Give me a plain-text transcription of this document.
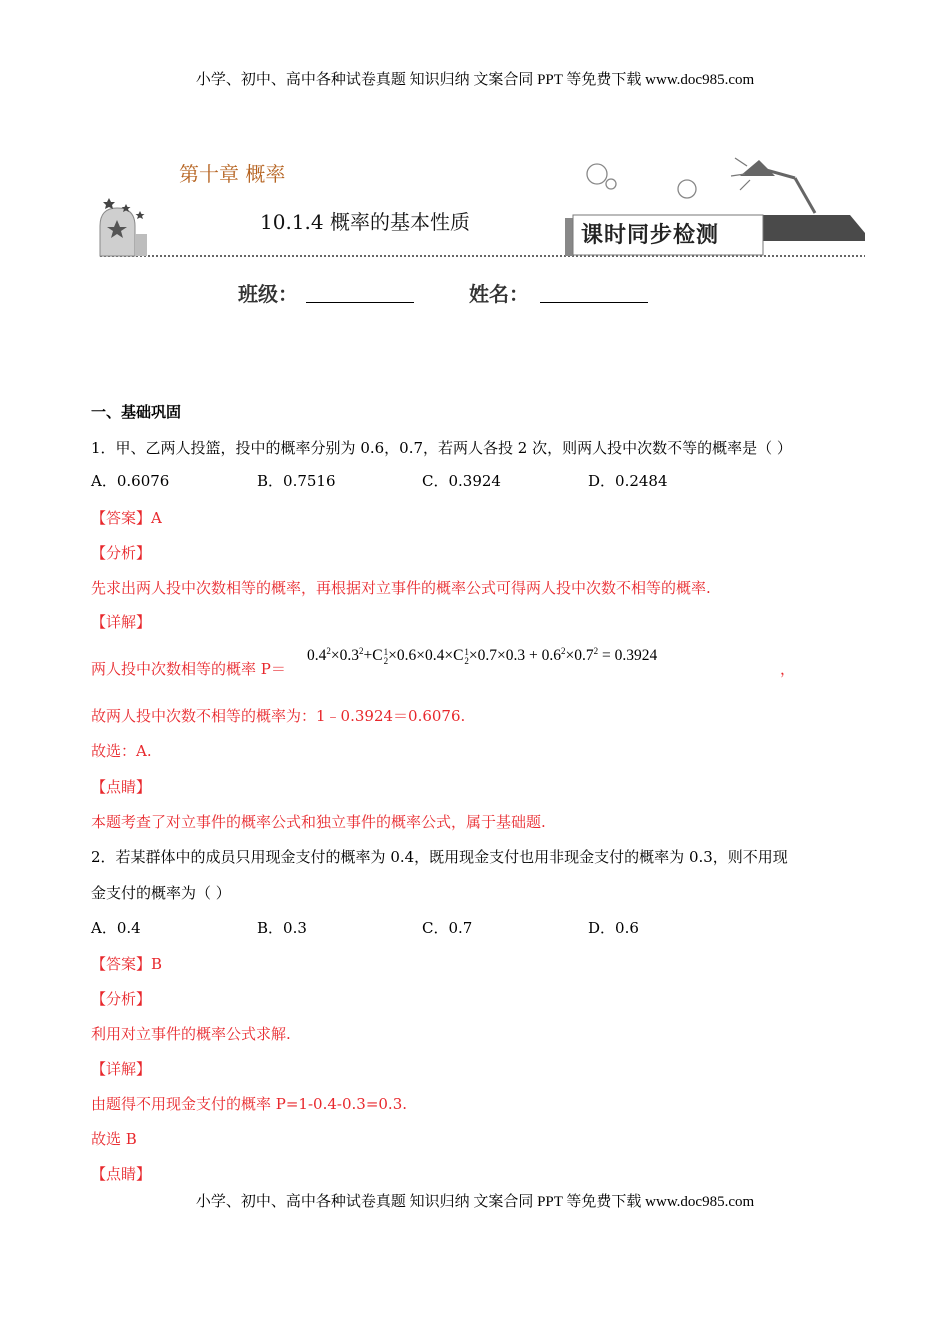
小学、初中、高中各种试卷真题 知识归纳 文案合同 PPT 等免费下载 www.doc985.com
第十章 概率
10.1.4 概率的基本性质
课时同步检测
班级：	姓名：
一、基础巩固
1．甲、乙两人投篮，投中的概率分别为 0.6，0.7，若两人各投 2 次，则两人投中次数不等的概率是（ ）
A．0.6076	B．0.7516	C．0.3924	D．0.2484
【答案】A
【分析】
先求出两人投中次数相等的概率，再根据对立事件的概率公式可得两人投中次数不相等的概率.
【详解】
两人投中次数相等的概率 P＝
$0.4^2\times 0.3^2+C1$
2×0.6×0.4×C1
$2\times 0.7\times 0.3 + 0.6^2\times 0.7^2 = 0.3924$
，
故两人投中次数不相等的概率为：1﹣0.3924＝0.6076.
故选：A.
【点睛】
本题考查了对立事件的概率公式和独立事件的概率公式，属于基础题.
2．若某群体中的成员只用现金支付的概率为 0.4，既用现金支付也用非现金支付的概率为 0.3，则不用现
金支付的概率为（ ）
A．0.4	B．0.3	C．0.7	D．0.6
【答案】B
【分析】
利用对立事件的概率公式求解.
【详解】
由题得不用现金支付的概率 P=1-0.4-0.3=0.3.
故选 B
【点睛】
小学、初中、高中各种试卷真题 知识归纳 文案合同 PPT 等免费下载 www.doc985.com
